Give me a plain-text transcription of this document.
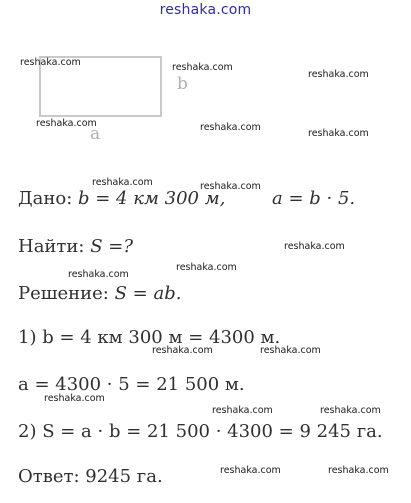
reshaka.com
b
a
reshaka.com	reshaka.com
reshaka.com
reshaka.com	reshaka.com
reshaka.com
reshaka.com	reshaka.com
reshaka.com
reshaka.com
reshaka.com
reshaka.com	reshaka.com
reshaka.com
reshaka.com	reshaka.com
reshaka.com	reshaka.com
Дано: b = 4 км 300 м,	a = b · 5.
Найти: S =?
Решение: S = ab.
1) b = 4 км 300 м = 4300 м.
a = 4300 · 5 = 21 500 м.
2) S = a · b = 21 500 · 4300 = 9 245 га.
Ответ: 9245 га.
